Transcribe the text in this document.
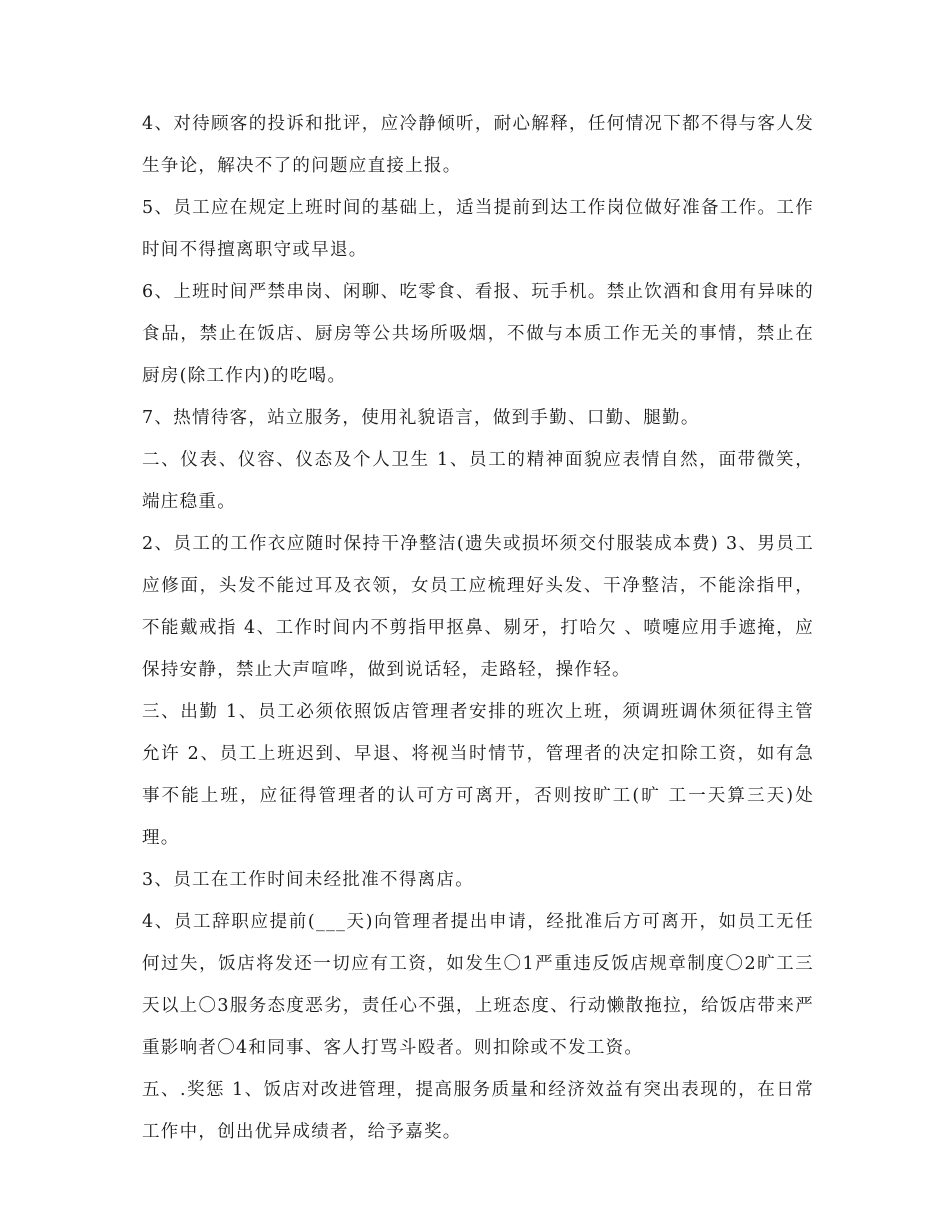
4、对待顾客的投诉和批评，应冷静倾听，耐心解释，任何情况下都不得与客人发生争论，解决不了的问题应直接上报。

5、员工应在规定上班时间的基础上，适当提前到达工作岗位做好准备工作。工作时间不得擅离职守或早退。

6、上班时间严禁串岗、闲聊、吃零食、看报、玩手机。禁止饮酒和食用有异味的食品，禁止在饭店、厨房等公共场所吸烟，不做与本质工作无关的事情，禁止在厨房(除工作内)的吃喝。

7、热情待客，站立服务，使用礼貌语言，做到手勤、口勤、腿勤。

二、仪表、仪容、仪态及个人卫生 1、员工的精神面貌应表情自然，面带微笑，端庄稳重。

2、员工的工作衣应随时保持干净整洁(遗失或损坏须交付服装成本费) 3、男员工应修面，头发不能过耳及衣领，女员工应梳理好头发、干净整洁，不能涂指甲，不能戴戒指 4、工作时间内不剪指甲抠鼻、剔牙，打哈欠 、喷嚏应用手遮掩，应保持安静，禁止大声喧哗，做到说话轻，走路轻，操作轻。

三、出勤 1、员工必须依照饭店管理者安排的班次上班，须调班调休须征得主管允许 2、员工上班迟到、早退、将视当时情节，管理者的决定扣除工资，如有急事不能上班，应征得管理者的认可方可离开，否则按旷工(旷 工一天算三天)处理。

3、员工在工作时间未经批准不得离店。

4、员工辞职应提前(___天)向管理者提出申请，经批准后方可离开，如员工无任何过失，饭店将发还一切应有工资，如发生〇1严重违反饭店规章制度〇2旷工三天以上〇3服务态度恶劣，责任心不强，上班态度、行动懒散拖拉，给饭店带来严重影响者〇4和同事、客人打骂斗殴者。则扣除或不发工资。

五、.奖惩 1、饭店对改进管理，提高服务质量和经济效益有突出表现的，在日常工作中，创出优异成绩者，给予嘉奖。
